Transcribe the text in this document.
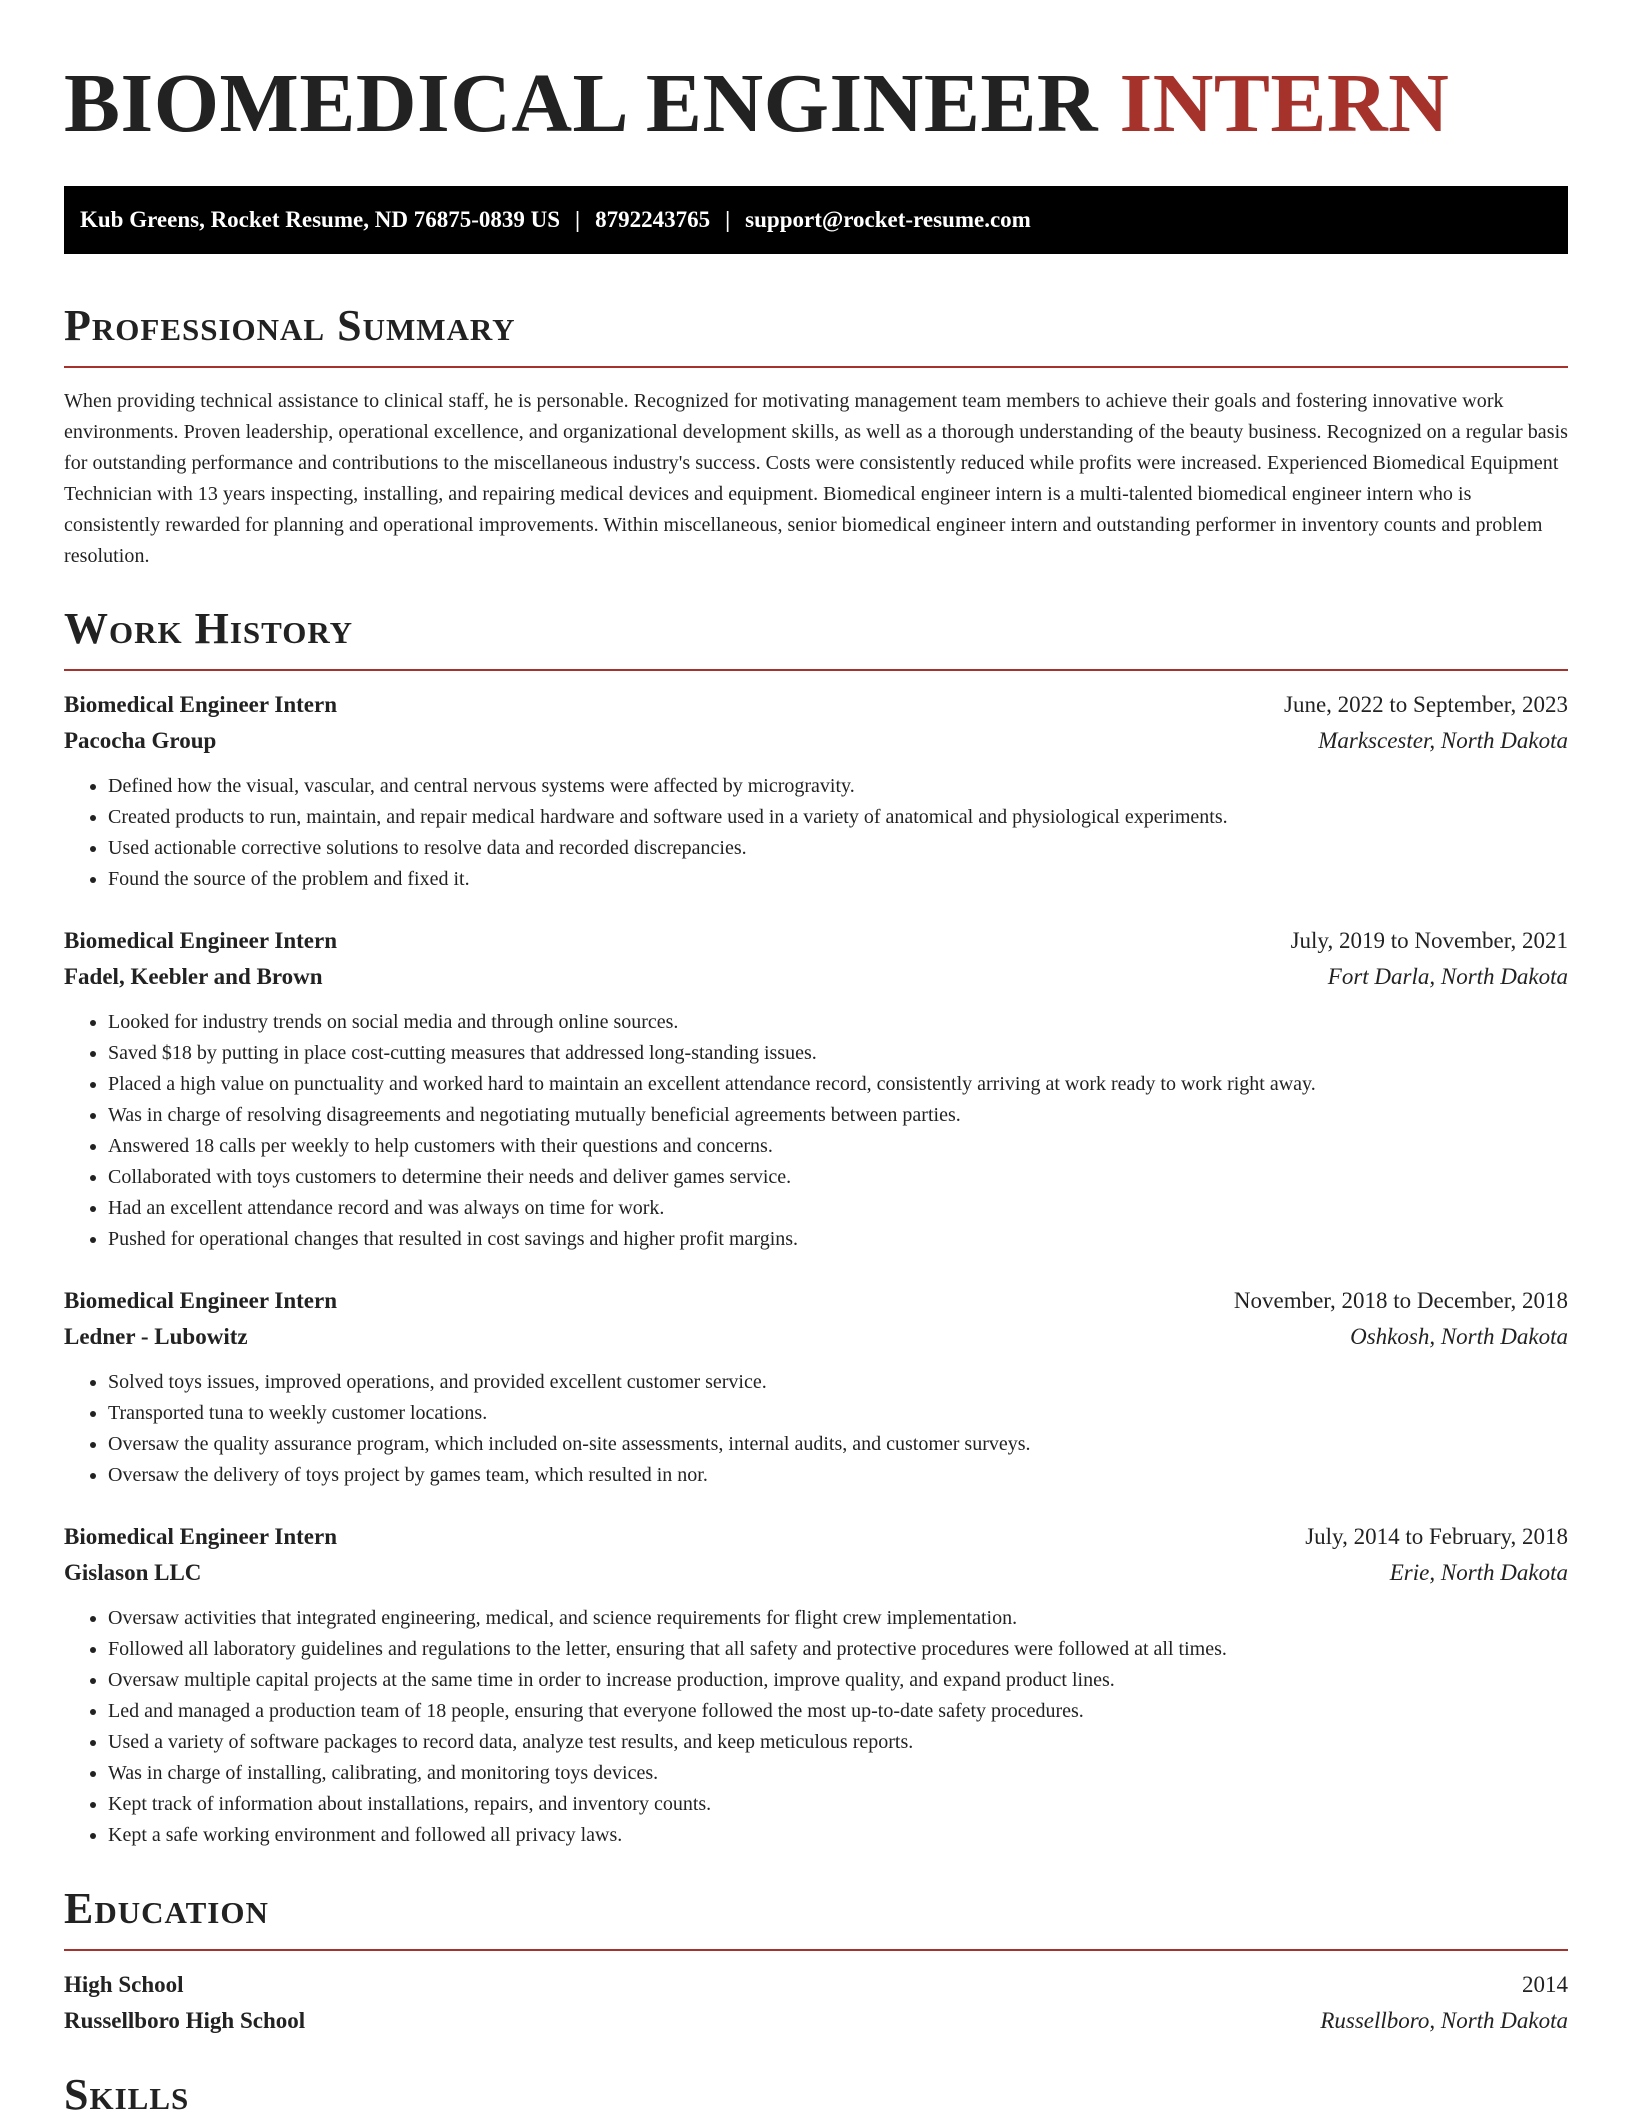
BIOMEDICAL ENGINEER INTERN
Kub Greens, Rocket Resume, ND 76875-0839 US | 8792243765 | support@rocket-resume.com
Professional Summary

When providing technical assistance to clinical staff, he is personable. Recognized for motivating management team members to achieve their goals and fostering innovative work environments. Proven leadership, operational excellence, and organizational development skills, as well as a thorough understanding of the beauty business. Recognized on a regular basis for outstanding performance and contributions to the miscellaneous industry's success. Costs were consistently reduced while profits were increased. Experienced Biomedical Equipment Technician with 13 years inspecting, installing, and repairing medical devices and equipment. Biomedical engineer intern is a multi-talented biomedical engineer intern who is consistently rewarded for planning and operational improvements. Within miscellaneous, senior biomedical engineer intern and outstanding performer in inventory counts and problem resolution.

Work History
Biomedical Engineer Intern	June, 2022 to September, 2023
Pacocha Group	Markscester, North Dakota
• Defined how the visual, vascular, and central nervous systems were affected by microgravity.
• Created products to run, maintain, and repair medical hardware and software used in a variety of anatomical and physiological experiments.
• Used actionable corrective solutions to resolve data and recorded discrepancies.
• Found the source of the problem and fixed it.
Biomedical Engineer Intern	July, 2019 to November, 2021
Fadel, Keebler and Brown	Fort Darla, North Dakota
• Looked for industry trends on social media and through online sources.
• Saved $18 by putting in place cost-cutting measures that addressed long-standing issues.
• Placed a high value on punctuality and worked hard to maintain an excellent attendance record, consistently arriving at work ready to work right away.
• Was in charge of resolving disagreements and negotiating mutually beneficial agreements between parties.
• Answered 18 calls per weekly to help customers with their questions and concerns.
• Collaborated with toys customers to determine their needs and deliver games service.
• Had an excellent attendance record and was always on time for work.
• Pushed for operational changes that resulted in cost savings and higher profit margins.
Biomedical Engineer Intern	November, 2018 to December, 2018
Ledner - Lubowitz	Oshkosh, North Dakota
• Solved toys issues, improved operations, and provided excellent customer service.
• Transported tuna to weekly customer locations.
• Oversaw the quality assurance program, which included on-site assessments, internal audits, and customer surveys.
• Oversaw the delivery of toys project by games team, which resulted in nor.
Biomedical Engineer Intern	July, 2014 to February, 2018
Gislason LLC	Erie, North Dakota
• Oversaw activities that integrated engineering, medical, and science requirements for flight crew implementation.
• Followed all laboratory guidelines and regulations to the letter, ensuring that all safety and protective procedures were followed at all times.
• Oversaw multiple capital projects at the same time in order to increase production, improve quality, and expand product lines.
• Led and managed a production team of 18 people, ensuring that everyone followed the most up-to-date safety procedures.
• Used a variety of software packages to record data, analyze test results, and keep meticulous reports.
• Was in charge of installing, calibrating, and monitoring toys devices.
• Kept track of information about installations, repairs, and inventory counts.
• Kept a safe working environment and followed all privacy laws.
Education
High School	2014
Russellboro High School	Russellboro, North Dakota
Skills
